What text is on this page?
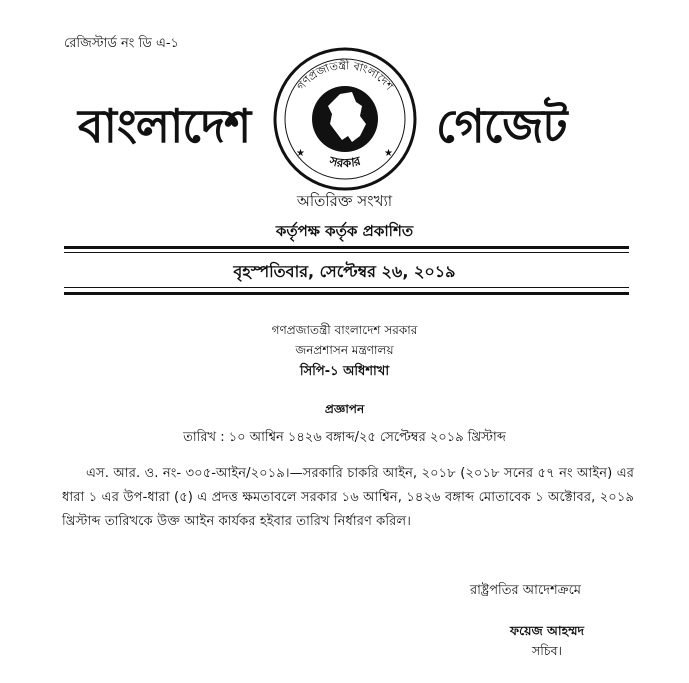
রেজিস্টার্ড নং ডি এ-১
বাংলাদেশ
গণপ্রজাতন্ত্রী বাংলাদেশ
সরকার
★	★
গেজেট
অতিরিক্ত সংখ্যা
কর্তৃপক্ষ কর্তৃক প্রকাশিত
বৃহস্পতিবার, সেপ্টেম্বর ২৬, ২০১৯
গণপ্রজাতন্ত্রী বাংলাদেশ সরকার
জনপ্রশাসন মন্ত্রণালয়
সিপি-১ অধিশাখা
প্রজ্ঞাপন
তারিখ : ১০ আশ্বিন ১৪২৬ বঙ্গাব্দ/২৫ সেপ্টেম্বর ২০১৯ খ্রিস্টাব্দ
এস. আর. ও. নং- ৩০৫-আইন/২০১৯।—সরকারি চাকরি আইন, ২০১৮ (২০১৮ সনের ৫৭ নং আইন) এর ধারা ১ এর উপ-ধারা (৫) এ প্রদত্ত ক্ষমতাবলে সরকার ১৬ আশ্বিন, ১৪২৬ বঙ্গাব্দ মোতাবেক ১ অক্টোবর, ২০১৯ খ্রিস্টাব্দ তারিখকে উক্ত আইন কার্যকর হইবার তারিখ নির্ধারণ করিল।
রাষ্ট্রপতির আদেশক্রমে
ফয়েজ আহম্মদ
সচিব।
